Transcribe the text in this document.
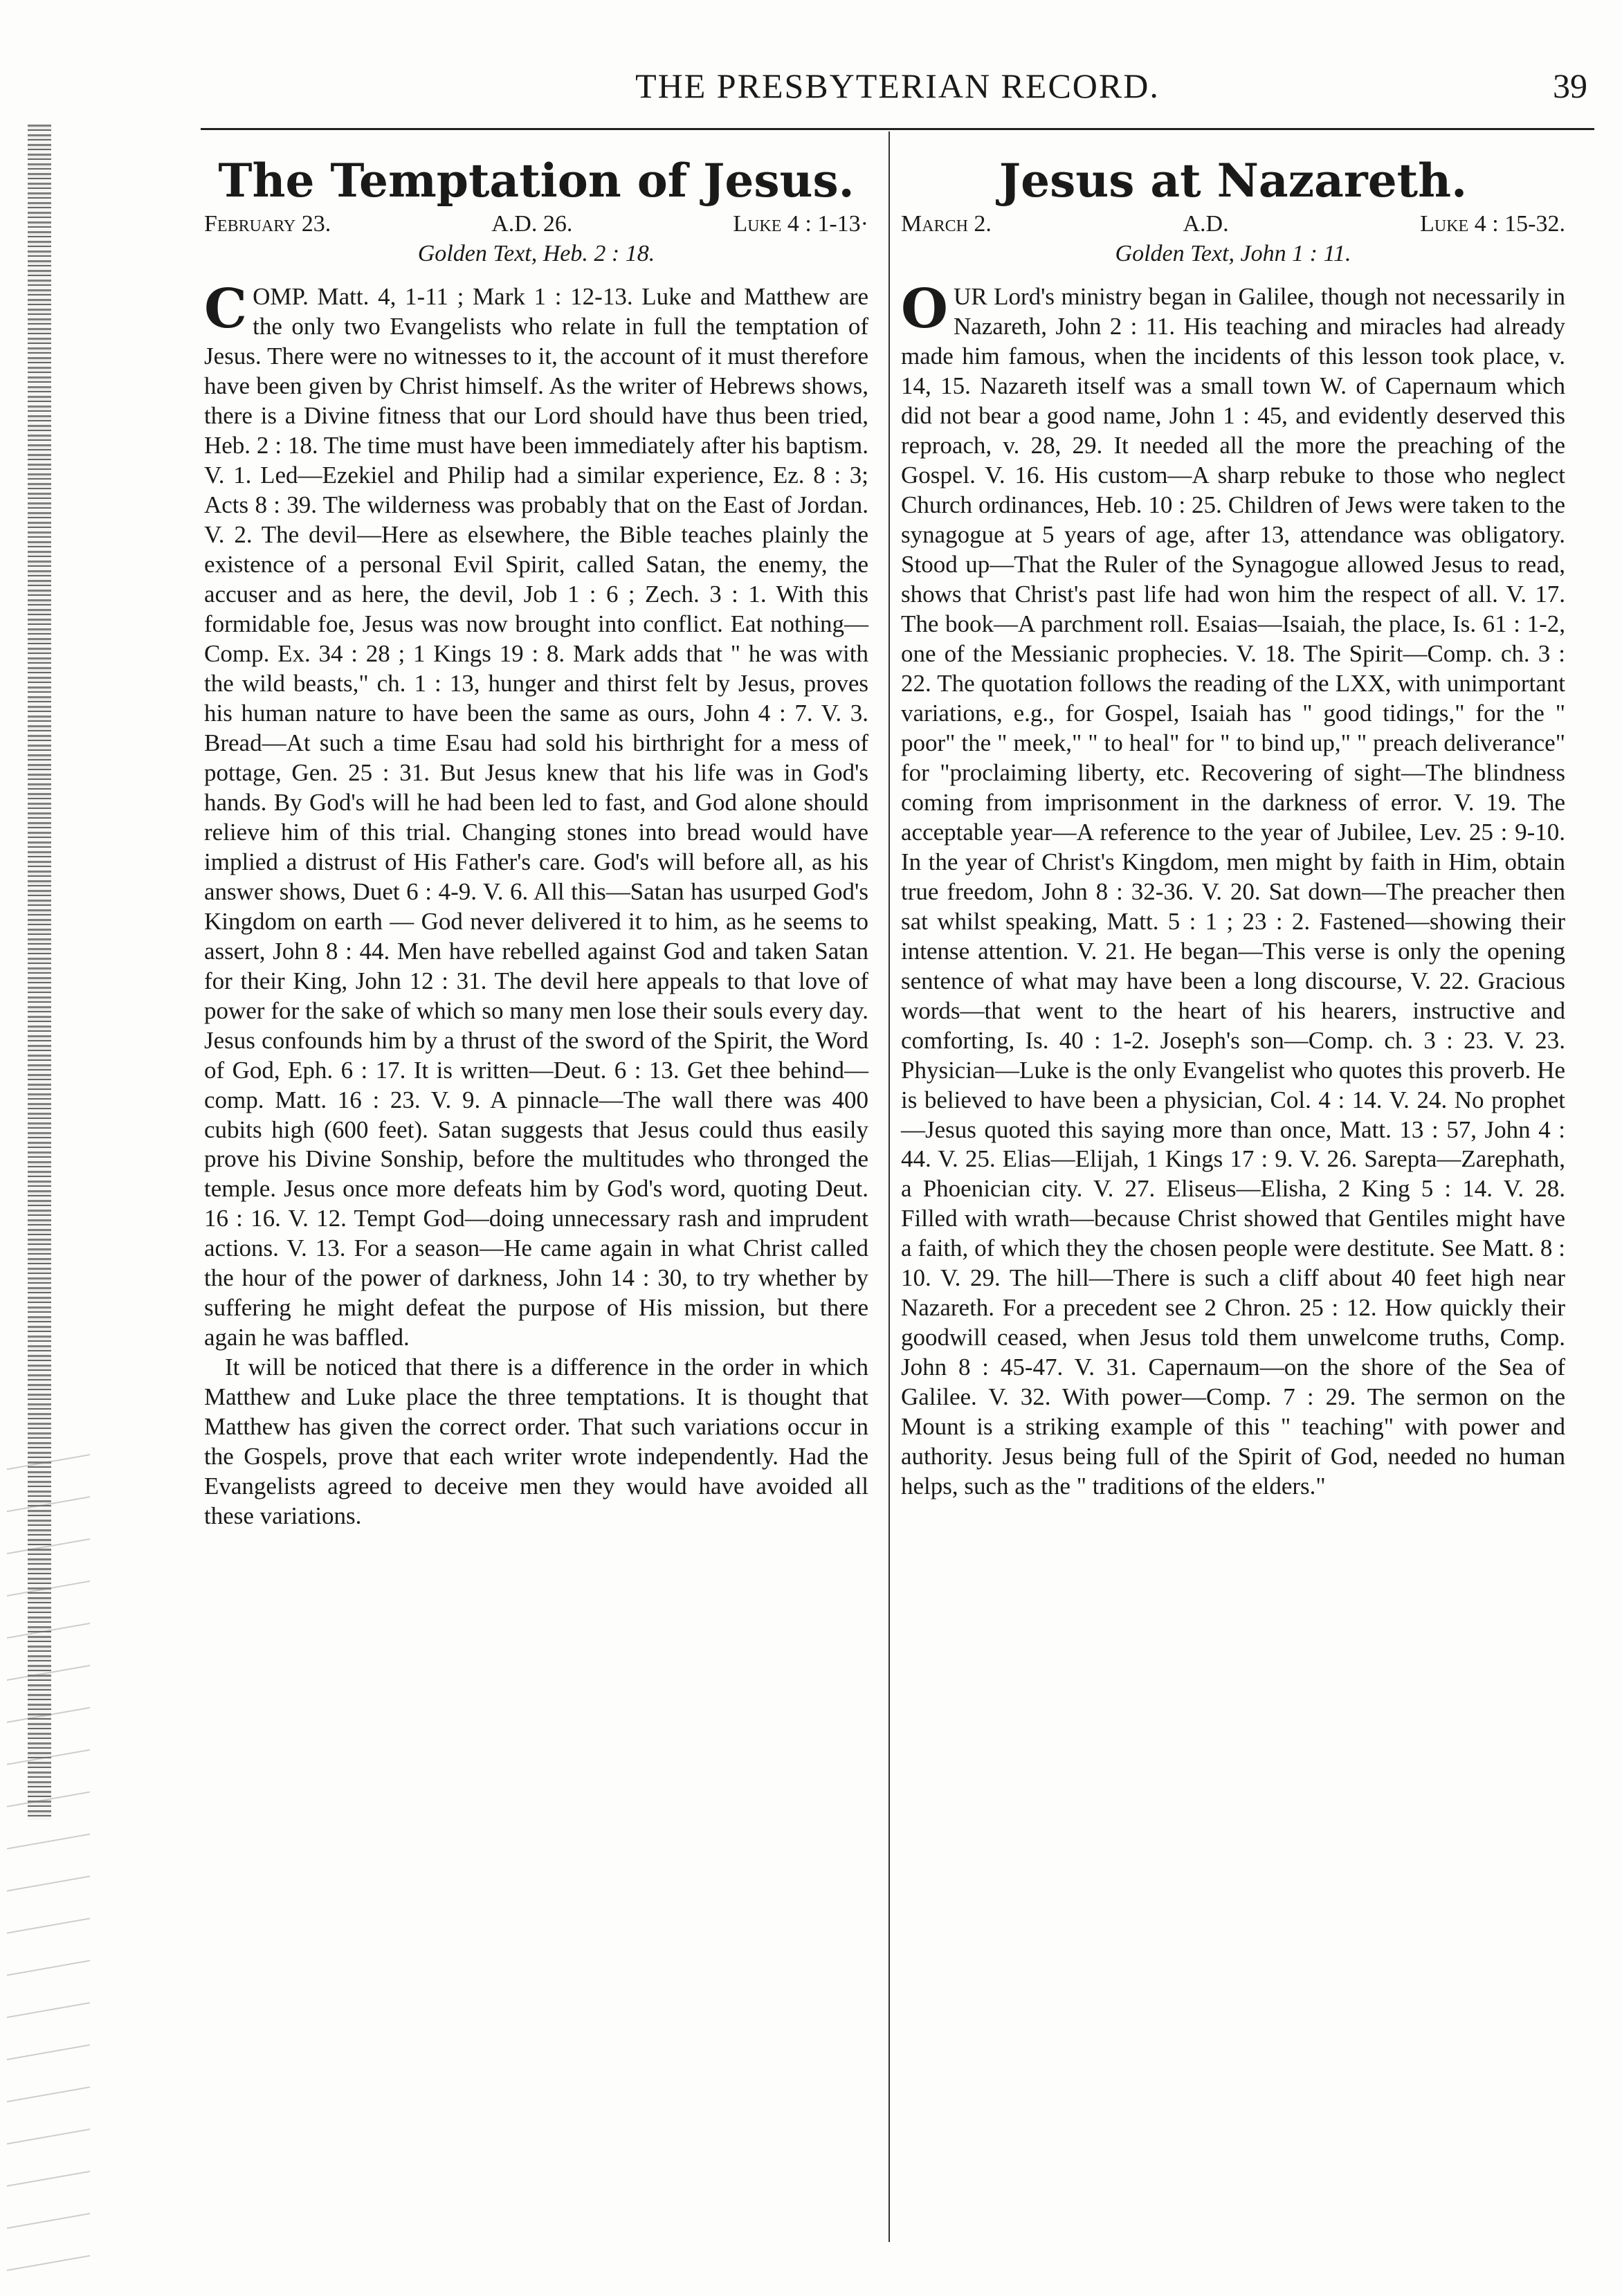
THE PRESBYTERIAN RECORD.	39
The Temptation of Jesus.
February 23.	A.D. 26.	Luke 4 : 1-13·
Golden Text, Heb. 2 : 18.

COMP. Matt. 4, 1-11 ; Mark 1 : 12-13. Luke and Matthew are the only two Evangelists who relate in full the temptation of Jesus. There were no witnesses to it, the account of it must therefore have been given by Christ himself. As the writer of Hebrews shows, there is a Divine fitness that our Lord should have thus been tried, Heb. 2 : 18. The time must have been immediately after his baptism. V. 1. Led—Ezekiel and Philip had a similar experience, Ez. 8 : 3; Acts 8 : 39. The wilderness was probably that on the East of Jordan. V. 2. The devil—Here as elsewhere, the Bible teaches plainly the existence of a personal Evil Spirit, called Satan, the enemy, the accuser and as here, the devil, Job 1 : 6 ; Zech. 3 : 1. With this formidable foe, Jesus was now brought into conflict. Eat nothing—Comp. Ex. 34 : 28 ; 1 Kings 19 : 8. Mark adds that " he was with the wild beasts," ch. 1 : 13, hunger and thirst felt by Jesus, proves his human nature to have been the same as ours, John 4 : 7. V. 3. Bread—At such a time Esau had sold his birthright for a mess of pottage, Gen. 25 : 31. But Jesus knew that his life was in God's hands. By God's will he had been led to fast, and God alone should relieve him of this trial. Changing stones into bread would have implied a distrust of His Father's care. God's will before all, as his answer shows, Duet 6 : 4-9. V. 6. All this—Satan has usurped God's Kingdom on earth — God never delivered it to him, as he seems to assert, John 8 : 44. Men have rebelled against God and taken Satan for their King, John 12 : 31. The devil here appeals to that love of power for the sake of which so many men lose their souls every day. Jesus confounds him by a thrust of the sword of the Spirit, the Word of God, Eph. 6 : 17. It is written—Deut. 6 : 13. Get thee behind—comp. Matt. 16 : 23. V. 9. A pinnacle—The wall there was 400 cubits high (600 feet). Satan suggests that Jesus could thus easily prove his Divine Sonship, before the multitudes who thronged the temple. Jesus once more defeats him by God's word, quoting Deut. 16 : 16. V. 12. Tempt God—doing unnecessary rash and imprudent actions. V. 13. For a season—He came again in what Christ called the hour of the power of darkness, John 14 : 30, to try whether by suffering he might defeat the purpose of His mission, but there again he was baffled.

It will be noticed that there is a difference in the order in which Matthew and Luke place the three temptations. It is thought that Matthew has given the correct order. That such variations occur in the Gospels, prove that each writer wrote independently. Had the Evangelists agreed to deceive men they would have avoided all these variations.

Jesus at Nazareth.
March 2.	A.D.	Luke 4 : 15-32.
Golden Text, John 1 : 11.

OUR Lord's ministry began in Galilee, though not necessarily in Nazareth, John 2 : 11. His teaching and miracles had already made him famous, when the incidents of this lesson took place, v. 14, 15. Nazareth itself was a small town W. of Capernaum which did not bear a good name, John 1 : 45, and evidently deserved this reproach, v. 28, 29. It needed all the more the preaching of the Gospel. V. 16. His custom—A sharp rebuke to those who neglect Church ordinances, Heb. 10 : 25. Children of Jews were taken to the synagogue at 5 years of age, after 13, attendance was obligatory. Stood up—That the Ruler of the Synagogue allowed Jesus to read, shows that Christ's past life had won him the respect of all. V. 17. The book—A parchment roll. Esaias—Isaiah, the place, Is. 61 : 1-2, one of the Messianic prophecies. V. 18. The Spirit—Comp. ch. 3 : 22. The quotation follows the reading of the LXX, with unimportant variations, e.g., for Gospel, Isaiah has " good tidings," for the " poor" the " meek," " to heal" for " to bind up," " preach deliverance" for "proclaiming liberty, etc. Recovering of sight—The blindness coming from imprisonment in the darkness of error. V. 19. The acceptable year—A reference to the year of Jubilee, Lev. 25 : 9-10. In the year of Christ's Kingdom, men might by faith in Him, obtain true freedom, John 8 : 32-36. V. 20. Sat down—The preacher then sat whilst speaking, Matt. 5 : 1 ; 23 : 2. Fastened—showing their intense attention. V. 21. He began—This verse is only the opening sentence of what may have been a long discourse, V. 22. Gracious words—that went to the heart of his hearers, instructive and comforting, Is. 40 : 1-2. Joseph's son—Comp. ch. 3 : 23. V. 23. Physician—Luke is the only Evangelist who quotes this proverb. He is believed to have been a physician, Col. 4 : 14. V. 24. No prophet—Jesus quoted this saying more than once, Matt. 13 : 57, John 4 : 44. V. 25. Elias—Elijah, 1 Kings 17 : 9. V. 26. Sarepta—Zarephath, a Phoenician city. V. 27. Eliseus—Elisha, 2 King 5 : 14. V. 28. Filled with wrath—because Christ showed that Gentiles might have a faith, of which they the chosen people were destitute. See Matt. 8 : 10. V. 29. The hill—There is such a cliff about 40 feet high near Nazareth. For a precedent see 2 Chron. 25 : 12. How quickly their goodwill ceased, when Jesus told them unwelcome truths, Comp. John 8 : 45-47. V. 31. Capernaum—on the shore of the Sea of Galilee. V. 32. With power—Comp. 7 : 29. The sermon on the Mount is a striking example of this " teaching" with power and authority. Jesus being full of the Spirit of God, needed no human helps, such as the " traditions of the elders."
